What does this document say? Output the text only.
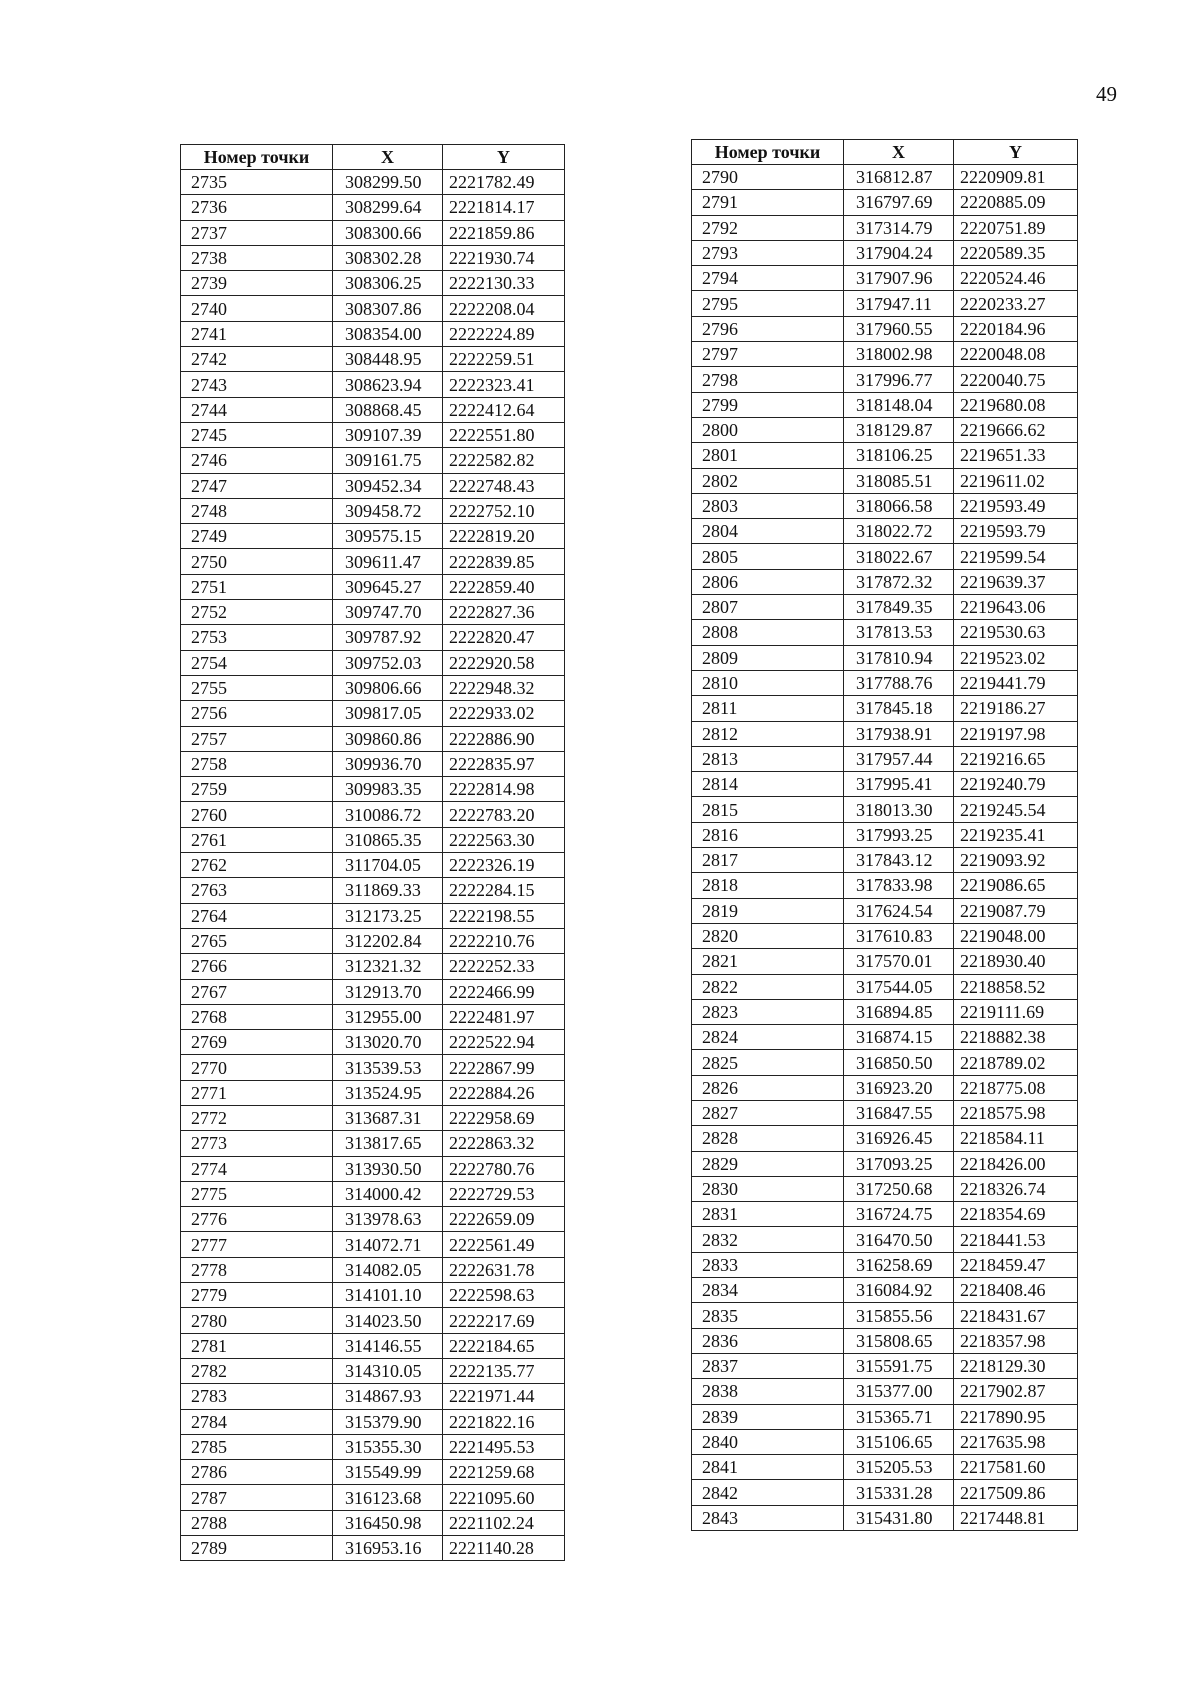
49
Номер точки	X	Y
2735	308299.50	2221782.49
2736	308299.64	2221814.17
2737	308300.66	2221859.86
2738	308302.28	2221930.74
2739	308306.25	2222130.33
2740	308307.86	2222208.04
2741	308354.00	2222224.89
2742	308448.95	2222259.51
2743	308623.94	2222323.41
2744	308868.45	2222412.64
2745	309107.39	2222551.80
2746	309161.75	2222582.82
2747	309452.34	2222748.43
2748	309458.72	2222752.10
2749	309575.15	2222819.20
2750	309611.47	2222839.85
2751	309645.27	2222859.40
2752	309747.70	2222827.36
2753	309787.92	2222820.47
2754	309752.03	2222920.58
2755	309806.66	2222948.32
2756	309817.05	2222933.02
2757	309860.86	2222886.90
2758	309936.70	2222835.97
2759	309983.35	2222814.98
2760	310086.72	2222783.20
2761	310865.35	2222563.30
2762	311704.05	2222326.19
2763	311869.33	2222284.15
2764	312173.25	2222198.55
2765	312202.84	2222210.76
2766	312321.32	2222252.33
2767	312913.70	2222466.99
2768	312955.00	2222481.97
2769	313020.70	2222522.94
2770	313539.53	2222867.99
2771	313524.95	2222884.26
2772	313687.31	2222958.69
2773	313817.65	2222863.32
2774	313930.50	2222780.76
2775	314000.42	2222729.53
2776	313978.63	2222659.09
2777	314072.71	2222561.49
2778	314082.05	2222631.78
2779	314101.10	2222598.63
2780	314023.50	2222217.69
2781	314146.55	2222184.65
2782	314310.05	2222135.77
2783	314867.93	2221971.44
2784	315379.90	2221822.16
2785	315355.30	2221495.53
2786	315549.99	2221259.68
2787	316123.68	2221095.60
2788	316450.98	2221102.24
2789	316953.16	2221140.28
Номер точки	X	Y
2790	316812.87	2220909.81
2791	316797.69	2220885.09
2792	317314.79	2220751.89
2793	317904.24	2220589.35
2794	317907.96	2220524.46
2795	317947.11	2220233.27
2796	317960.55	2220184.96
2797	318002.98	2220048.08
2798	317996.77	2220040.75
2799	318148.04	2219680.08
2800	318129.87	2219666.62
2801	318106.25	2219651.33
2802	318085.51	2219611.02
2803	318066.58	2219593.49
2804	318022.72	2219593.79
2805	318022.67	2219599.54
2806	317872.32	2219639.37
2807	317849.35	2219643.06
2808	317813.53	2219530.63
2809	317810.94	2219523.02
2810	317788.76	2219441.79
2811	317845.18	2219186.27
2812	317938.91	2219197.98
2813	317957.44	2219216.65
2814	317995.41	2219240.79
2815	318013.30	2219245.54
2816	317993.25	2219235.41
2817	317843.12	2219093.92
2818	317833.98	2219086.65
2819	317624.54	2219087.79
2820	317610.83	2219048.00
2821	317570.01	2218930.40
2822	317544.05	2218858.52
2823	316894.85	2219111.69
2824	316874.15	2218882.38
2825	316850.50	2218789.02
2826	316923.20	2218775.08
2827	316847.55	2218575.98
2828	316926.45	2218584.11
2829	317093.25	2218426.00
2830	317250.68	2218326.74
2831	316724.75	2218354.69
2832	316470.50	2218441.53
2833	316258.69	2218459.47
2834	316084.92	2218408.46
2835	315855.56	2218431.67
2836	315808.65	2218357.98
2837	315591.75	2218129.30
2838	315377.00	2217902.87
2839	315365.71	2217890.95
2840	315106.65	2217635.98
2841	315205.53	2217581.60
2842	315331.28	2217509.86
2843	315431.80	2217448.81
